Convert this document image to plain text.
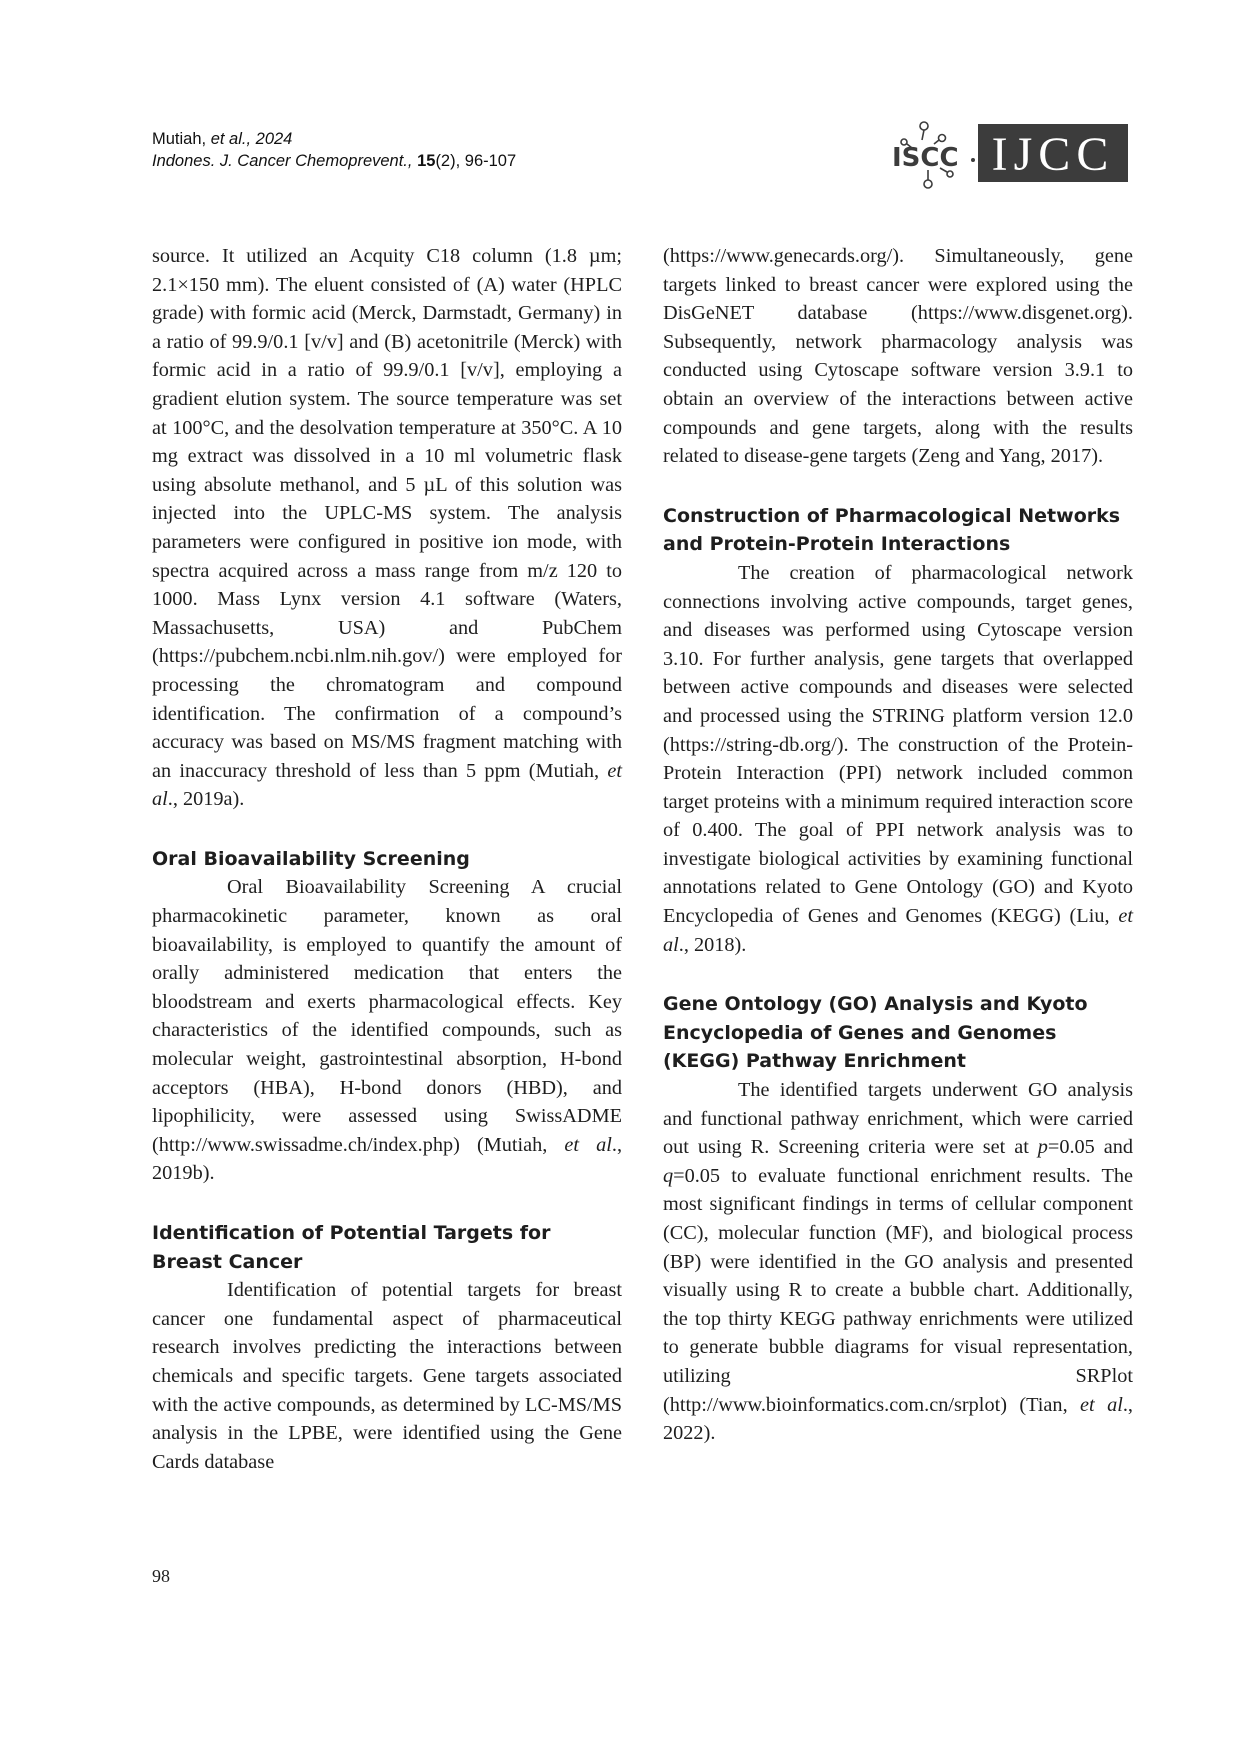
Mutiah, et al., 2024
Indones. J. Cancer Chemoprevent., 15(2), 96-107	ISCC IJCC

source. It utilized an Acquity C18 column (1.8 µm; 2.1×150 mm). The eluent consisted of (A) water (HPLC grade) with formic acid (Merck, Darmstadt, Germany) in a ratio of 99.9/0.1 [v/v] and (B) acetonitrile (Merck) with formic acid in a ratio of 99.9/0.1 [v/v], employing a gradient elution system. The source temperature was set at 100°C, and the desolvation temperature at 350°C. A 10 mg extract was dissolved in a 10 ml volumetric flask using absolute methanol, and 5 µL of this solution was injected into the UPLC-MS system. The analysis parameters were configured in positive ion mode, with spectra acquired across a mass range from m/z 120 to 1000. Mass Lynx version 4.1 software (Waters, Massachusetts, USA) and PubChem (https://pubchem.ncbi.nlm.nih.gov/) were employed for processing the chromatogram and compound identification. The confirmation of a compound’s accuracy was based on MS/MS fragment matching with an inaccuracy threshold of less than 5 ppm (Mutiah, et al., 2019a).

Oral Bioavailability Screening

Oral Bioavailability Screening A crucial pharmacokinetic parameter, known as oral bioavailability, is employed to quantify the amount of orally administered medication that enters the bloodstream and exerts pharmacological effects. Key characteristics of the identified compounds, such as molecular weight, gastrointestinal absorption, H-bond acceptors (HBA), H-bond donors (HBD), and lipophilicity, were assessed using SwissADME (http://www.swissadme.ch/index.php) (Mutiah, et al., 2019b).

Identification of Potential Targets for Breast Cancer

Identification of potential targets for breast cancer one fundamental aspect of pharmaceutical research involves predicting the interactions between chemicals and specific targets. Gene targets associated with the active compounds, as determined by LC-MS/MS analysis in the LPBE, were identified using the Gene Cards database

(https://www.genecards.org/). Simultaneously, gene targets linked to breast cancer were explored using the DisGeNET database (https://www.disgenet.org). Subsequently, network pharmacology analysis was conducted using Cytoscape software version 3.9.1 to obtain an overview of the interactions between active compounds and gene targets, along with the results related to disease-gene targets (Zeng and Yang, 2017).

Construction of Pharmacological Networks and Protein-Protein Interactions

The creation of pharmacological network connections involving active compounds, target genes, and diseases was performed using Cytoscape version 3.10. For further analysis, gene targets that overlapped between active compounds and diseases were selected and processed using the STRING platform version 12.0 (https://string-db.org/). The construction of the Protein-Protein Interaction (PPI) network included common target proteins with a minimum required interaction score of 0.400. The goal of PPI network analysis was to investigate biological activities by examining functional annotations related to Gene Ontology (GO) and Kyoto Encyclopedia of Genes and Genomes (KEGG) (Liu, et al., 2018).

Gene Ontology (GO) Analysis and Kyoto Encyclopedia of Genes and Genomes (KEGG) Pathway Enrichment

The identified targets underwent GO analysis and functional pathway enrichment, which were carried out using R. Screening criteria were set at p=0.05 and q=0.05 to evaluate functional enrichment results. The most significant findings in terms of cellular component (CC), molecular function (MF), and biological process (BP) were identified in the GO analysis and presented visually using R to create a bubble chart. Additionally, the top thirty KEGG pathway enrichments were utilized to generate bubble diagrams for visual representation, utilizing SRPlot (http://www.bioinformatics.com.cn/srplot) (Tian, et al., 2022).

98
